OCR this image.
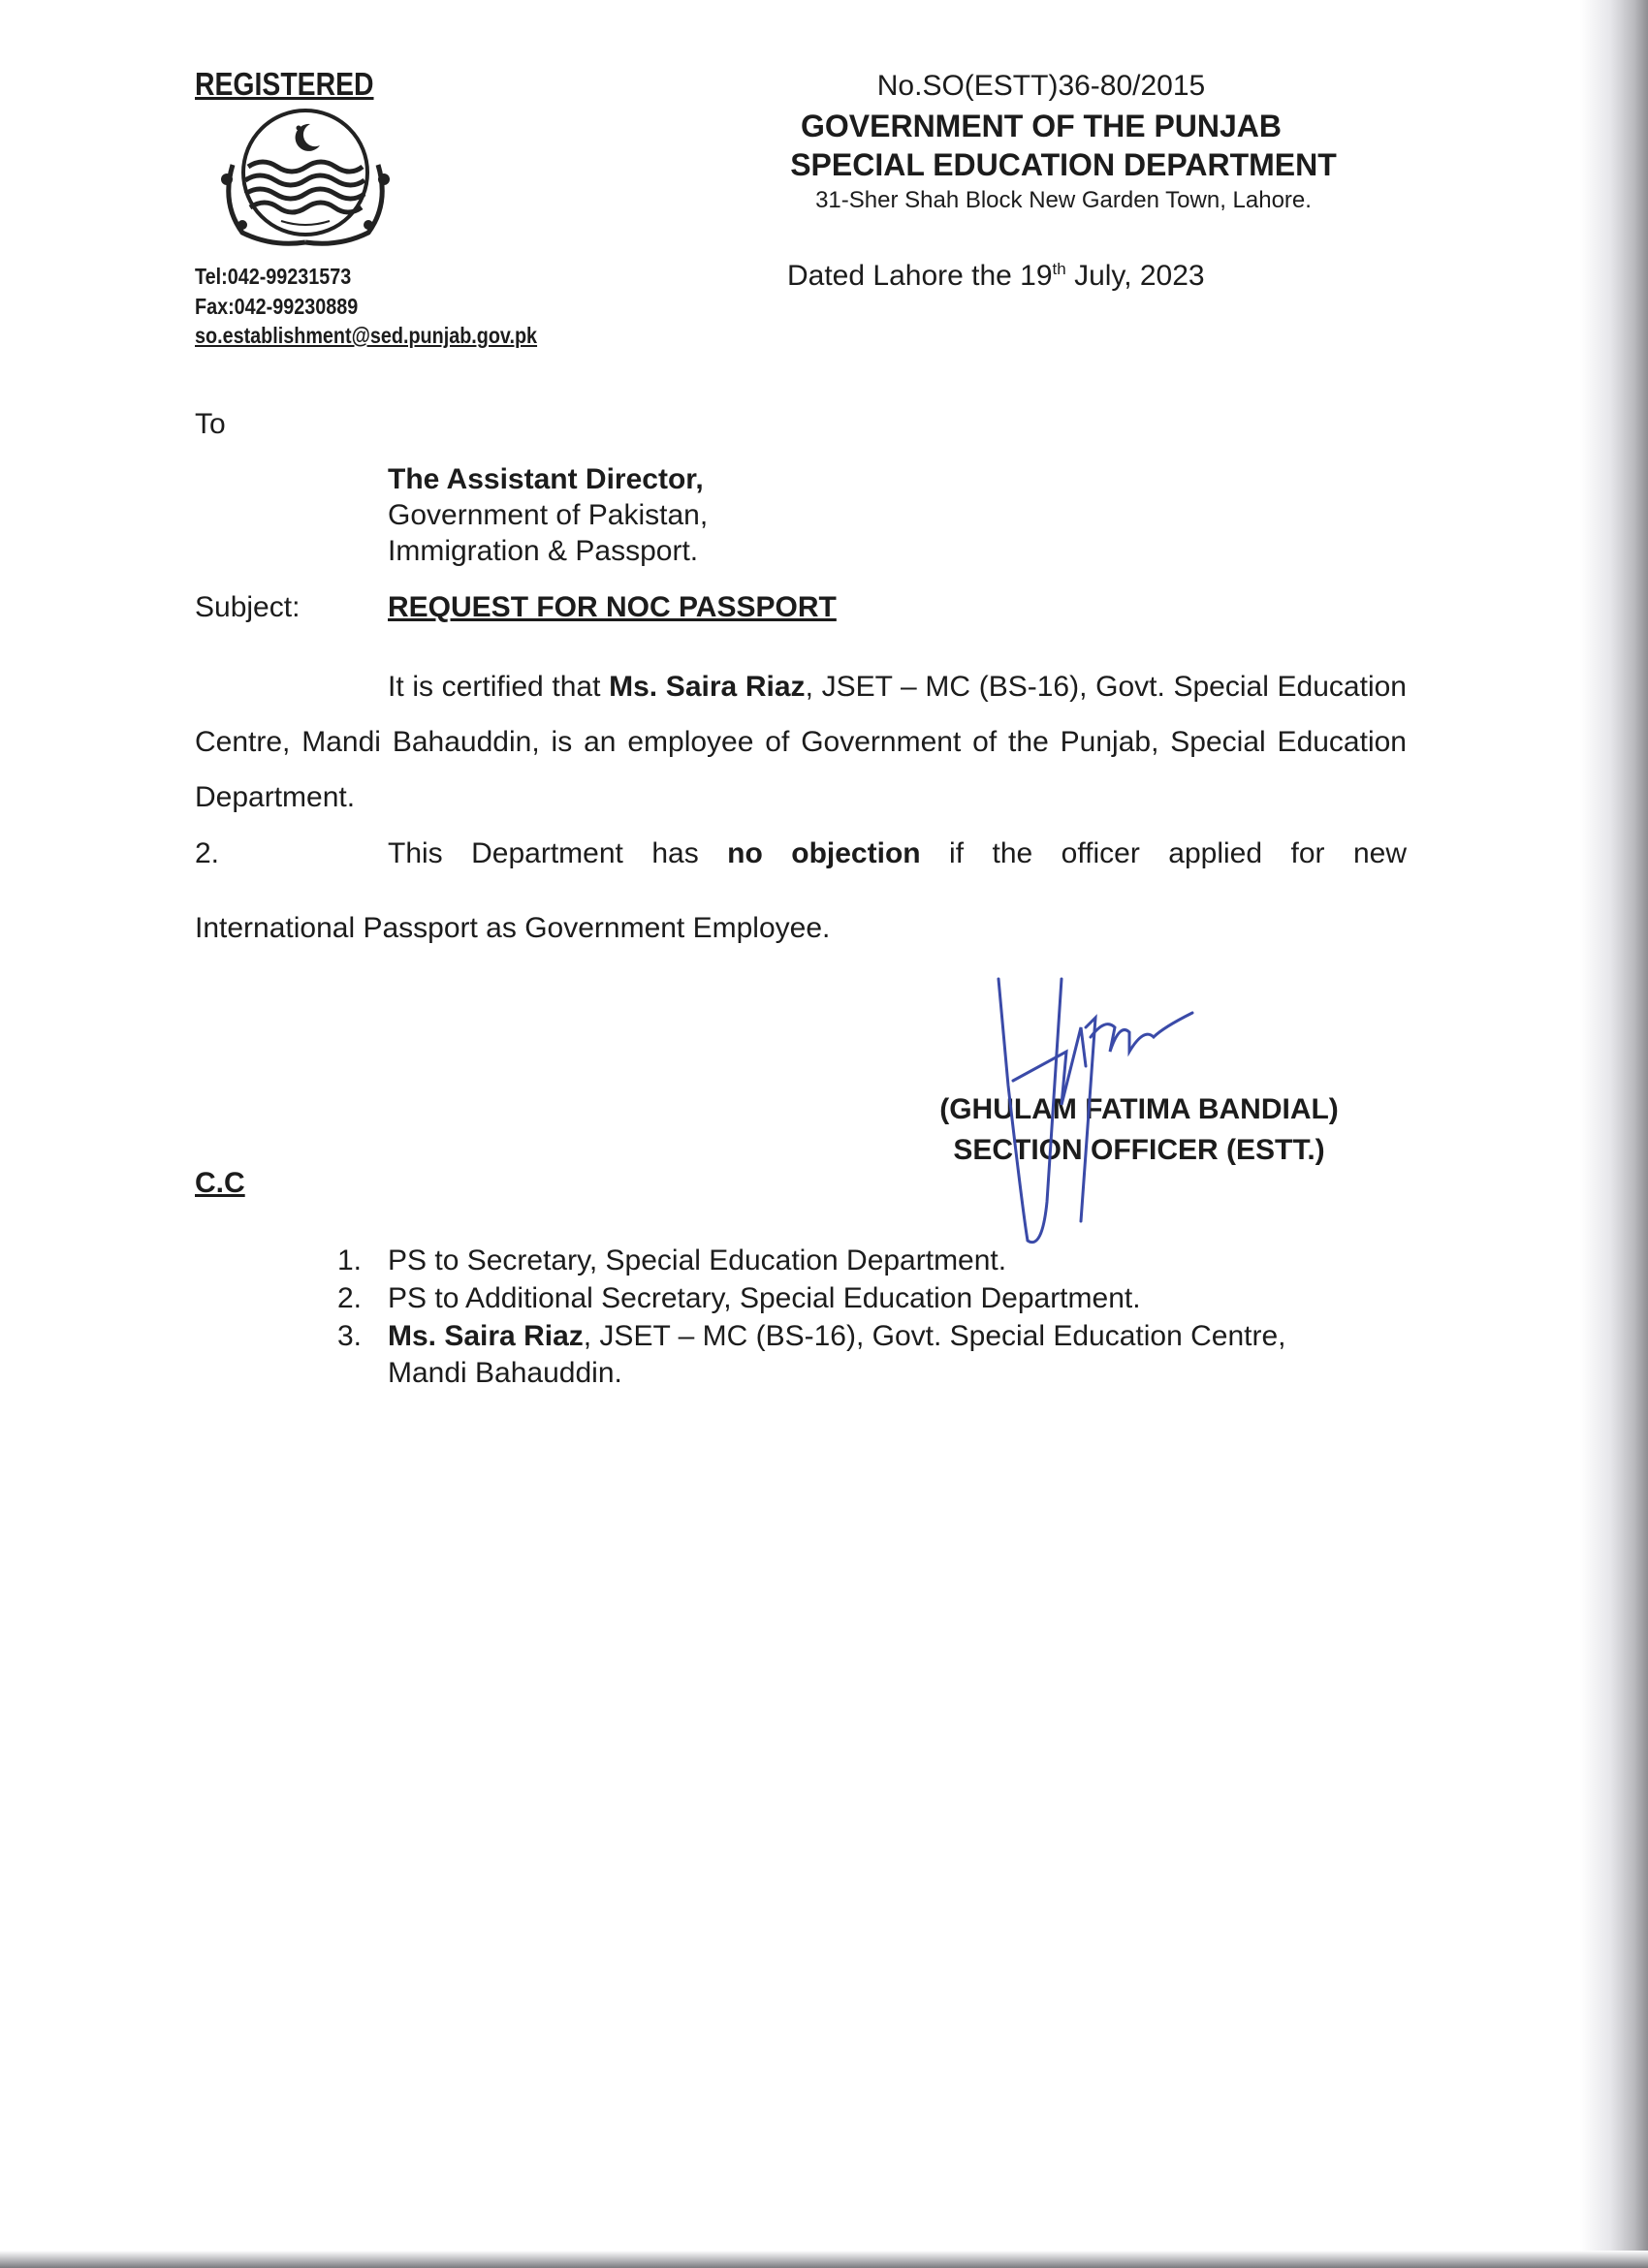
REGISTERED
Tel:042-99231573
Fax:042-99230889
so.establishment@sed.punjab.gov.pk
No.SO(ESTT)36-80/2015
GOVERNMENT OF THE PUNJAB
SPECIAL EDUCATION DEPARTMENT
31-Sher Shah Block New Garden Town, Lahore.
Dated Lahore the 19th July, 2023
To
The Assistant Director,
Government of Pakistan,
Immigration & Passport.
Subject:	REQUEST FOR NOC PASSPORT
It is certified that Ms. Saira Riaz, JSET – MC (BS-16), Govt. Special Education Centre, Mandi Bahauddin, is an employee of Government of the Punjab, Special Education Department.
2.	This Department has no objection if the officer applied for new
International Passport as Government Employee.
(GHULAM FATIMA BANDIAL)
SECTION OFFICER (ESTT.)
C.C
1. PS to Secretary, Special Education Department.
2. PS to Additional Secretary, Special Education Department.
3. Ms. Saira Riaz, JSET – MC (BS-16), Govt. Special Education Centre,
Mandi Bahauddin.
